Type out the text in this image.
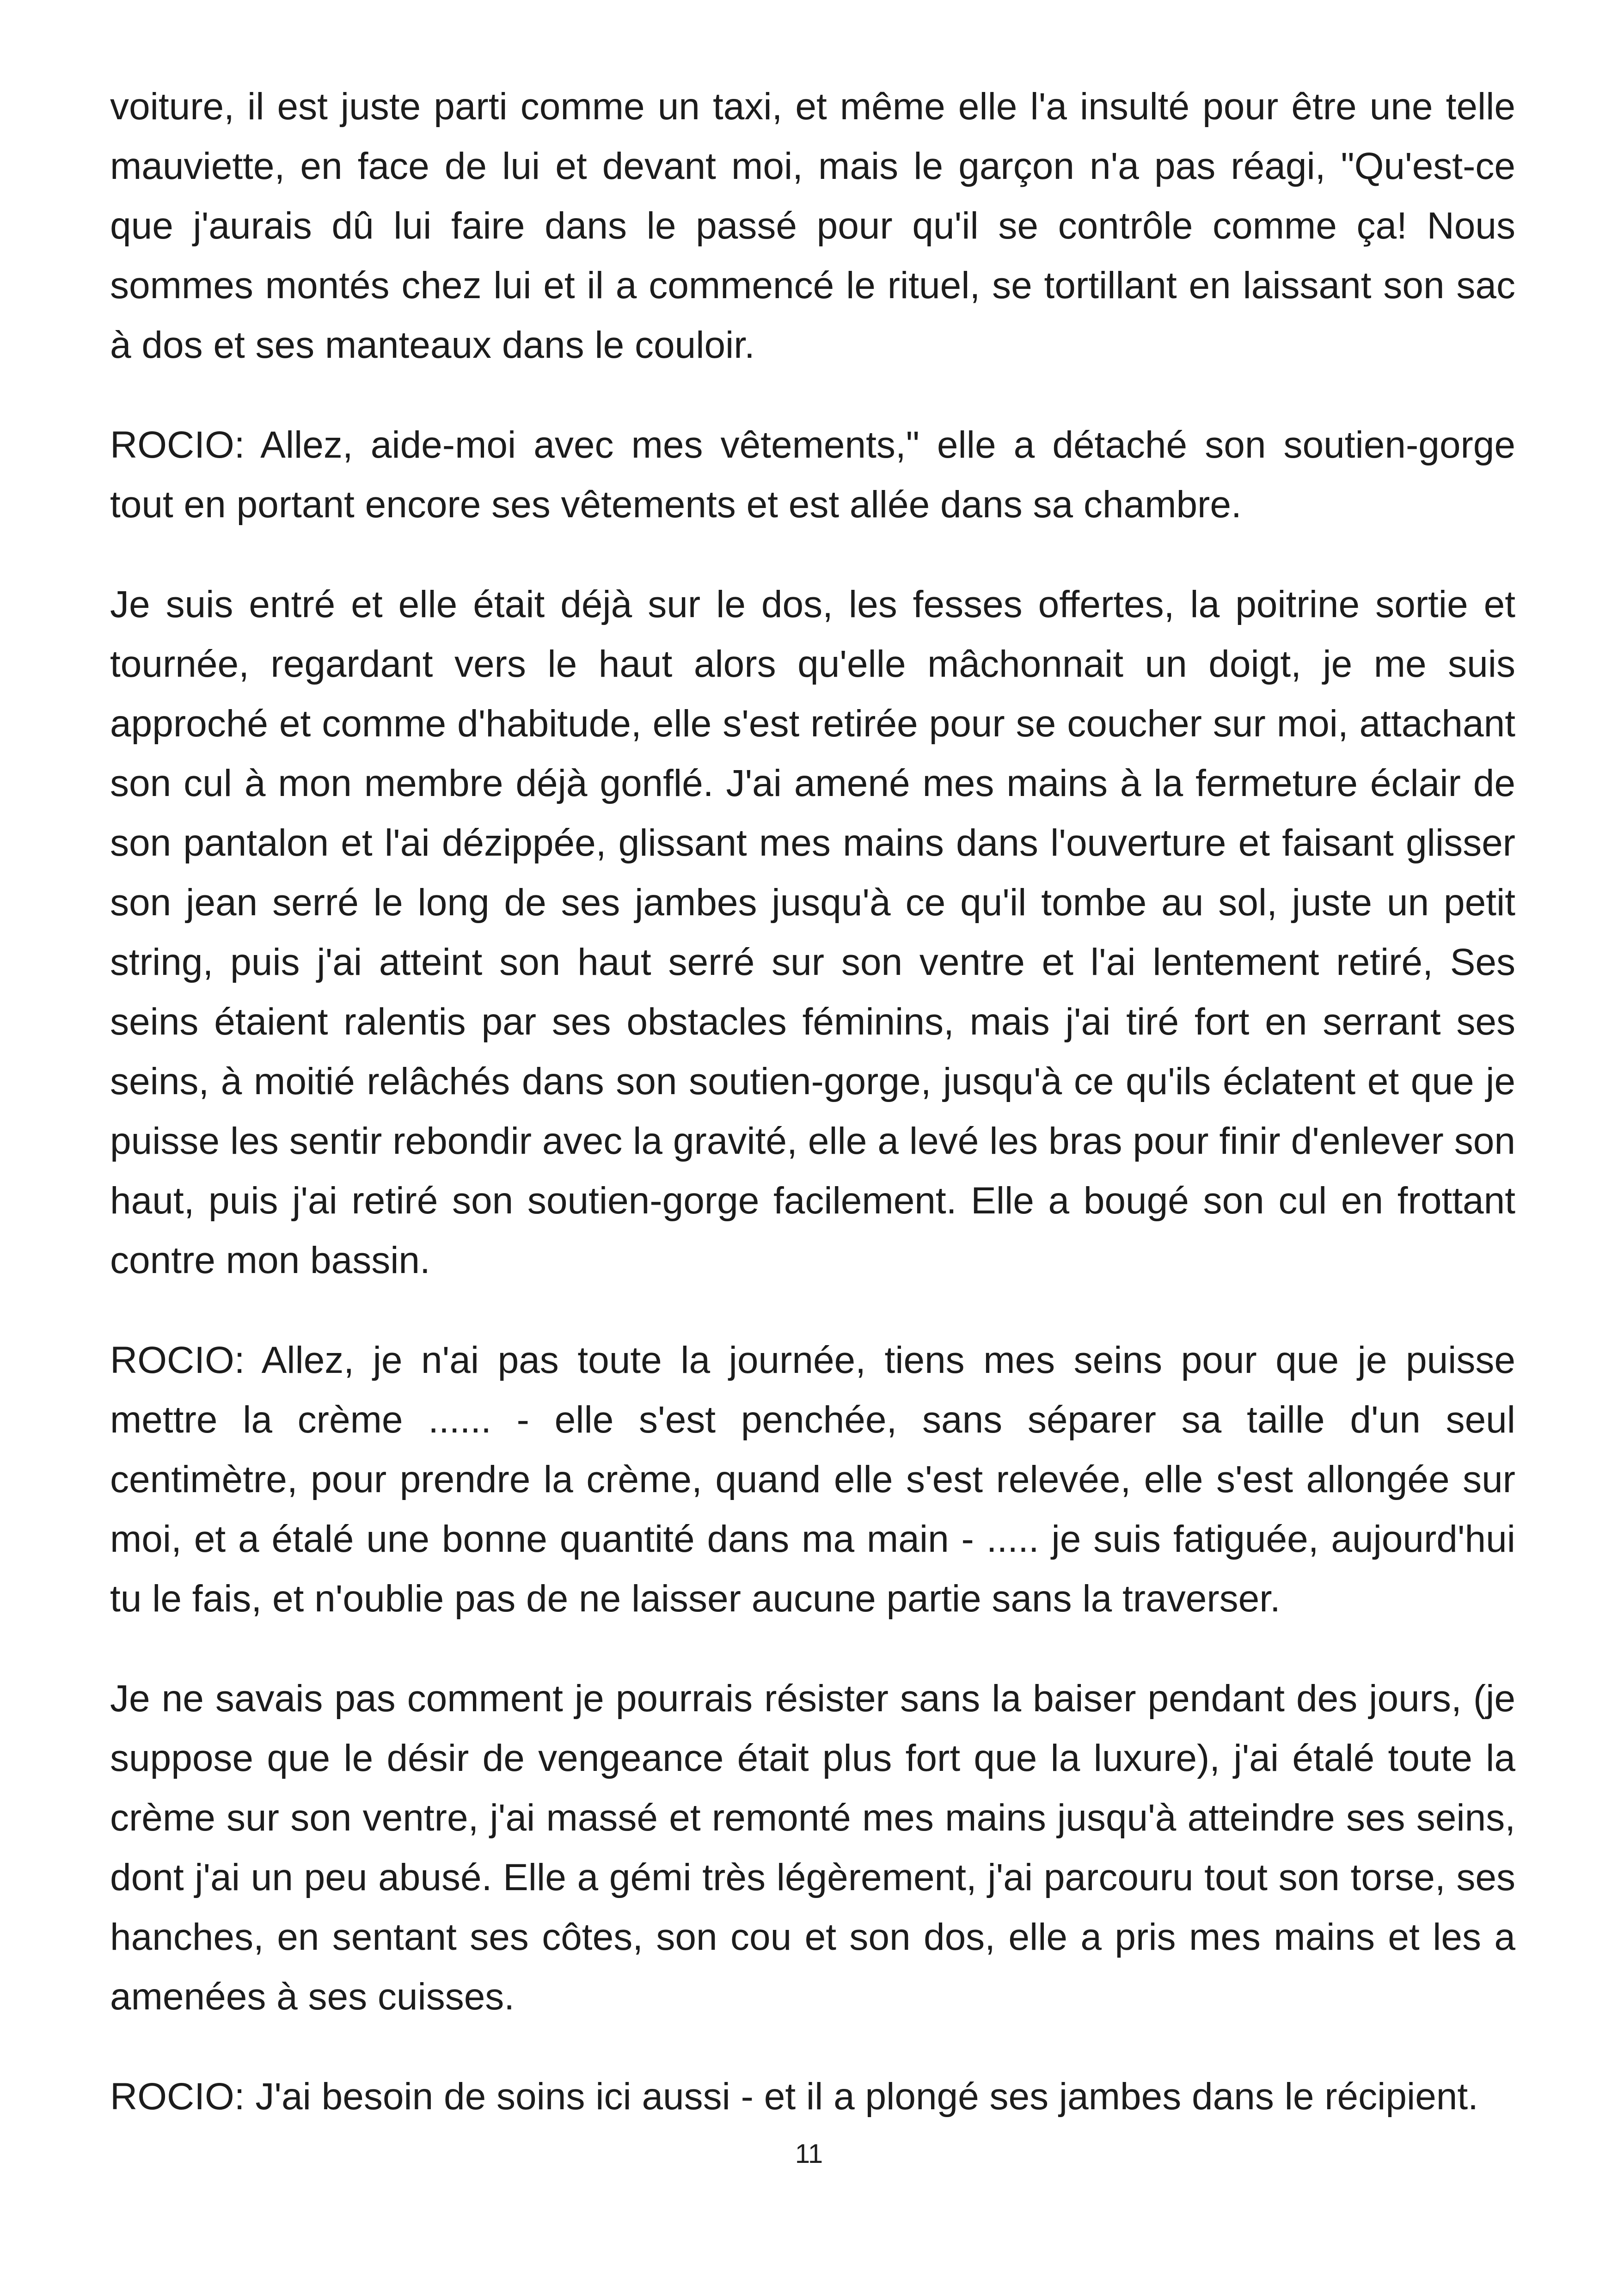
voiture, il est juste parti comme un taxi, et même elle l'a insulté pour être une telle mauviette, en face de lui et devant moi, mais le garçon n'a pas réagi, "Qu'est-ce que j'aurais dû lui faire dans le passé pour qu'il se contrôle comme ça! Nous sommes montés chez lui et il a commencé le rituel, se tortillant en laissant son sac à dos et ses manteaux dans le couloir.

ROCIO: Allez, aide-moi avec mes vêtements," elle a détaché son soutien-gorge tout en portant encore ses vêtements et est allée dans sa chambre.

Je suis entré et elle était déjà sur le dos, les fesses offertes, la poitrine sortie et tournée, regardant vers le haut alors qu'elle mâchonnait un doigt, je me suis approché et comme d'habitude, elle s'est retirée pour se coucher sur moi, attachant son cul à mon membre déjà gonflé. J'ai amené mes mains à la fermeture éclair de son pantalon et l'ai dézippée, glissant mes mains dans l'ouverture et faisant glisser son jean serré le long de ses jambes jusqu'à ce qu'il tombe au sol, juste un petit string, puis j'ai atteint son haut serré sur son ventre et l'ai lentement retiré, Ses seins étaient ralentis par ses obstacles féminins, mais j'ai tiré fort en serrant ses seins, à moitié relâchés dans son soutien-gorge, jusqu'à ce qu'ils éclatent et que je puisse les sentir rebondir avec la gravité, elle a levé les bras pour finir d'enlever son haut, puis j'ai retiré son soutien-gorge facilement. Elle a bougé son cul en frottant contre mon bassin.

ROCIO: Allez, je n'ai pas toute la journée, tiens mes seins pour que je puisse mettre la crème ...... - elle s'est penchée, sans séparer sa taille d'un seul centimètre, pour prendre la crème, quand elle s'est relevée, elle s'est allongée sur moi, et a étalé une bonne quantité dans ma main - ..... je suis fatiguée, aujourd'hui tu le fais, et n'oublie pas de ne laisser aucune partie sans la traverser.

Je ne savais pas comment je pourrais résister sans la baiser pendant des jours, (je suppose que le désir de vengeance était plus fort que la luxure), j'ai étalé toute la crème sur son ventre, j'ai massé et remonté mes mains jusqu'à atteindre ses seins, dont j'ai un peu abusé. Elle a gémi très légèrement, j'ai parcouru tout son torse, ses hanches, en sentant ses côtes, son cou et son dos, elle a pris mes mains et les a amenées à ses cuisses.

ROCIO: J'ai besoin de soins ici aussi - et il a plongé ses jambes dans le récipient.

11
